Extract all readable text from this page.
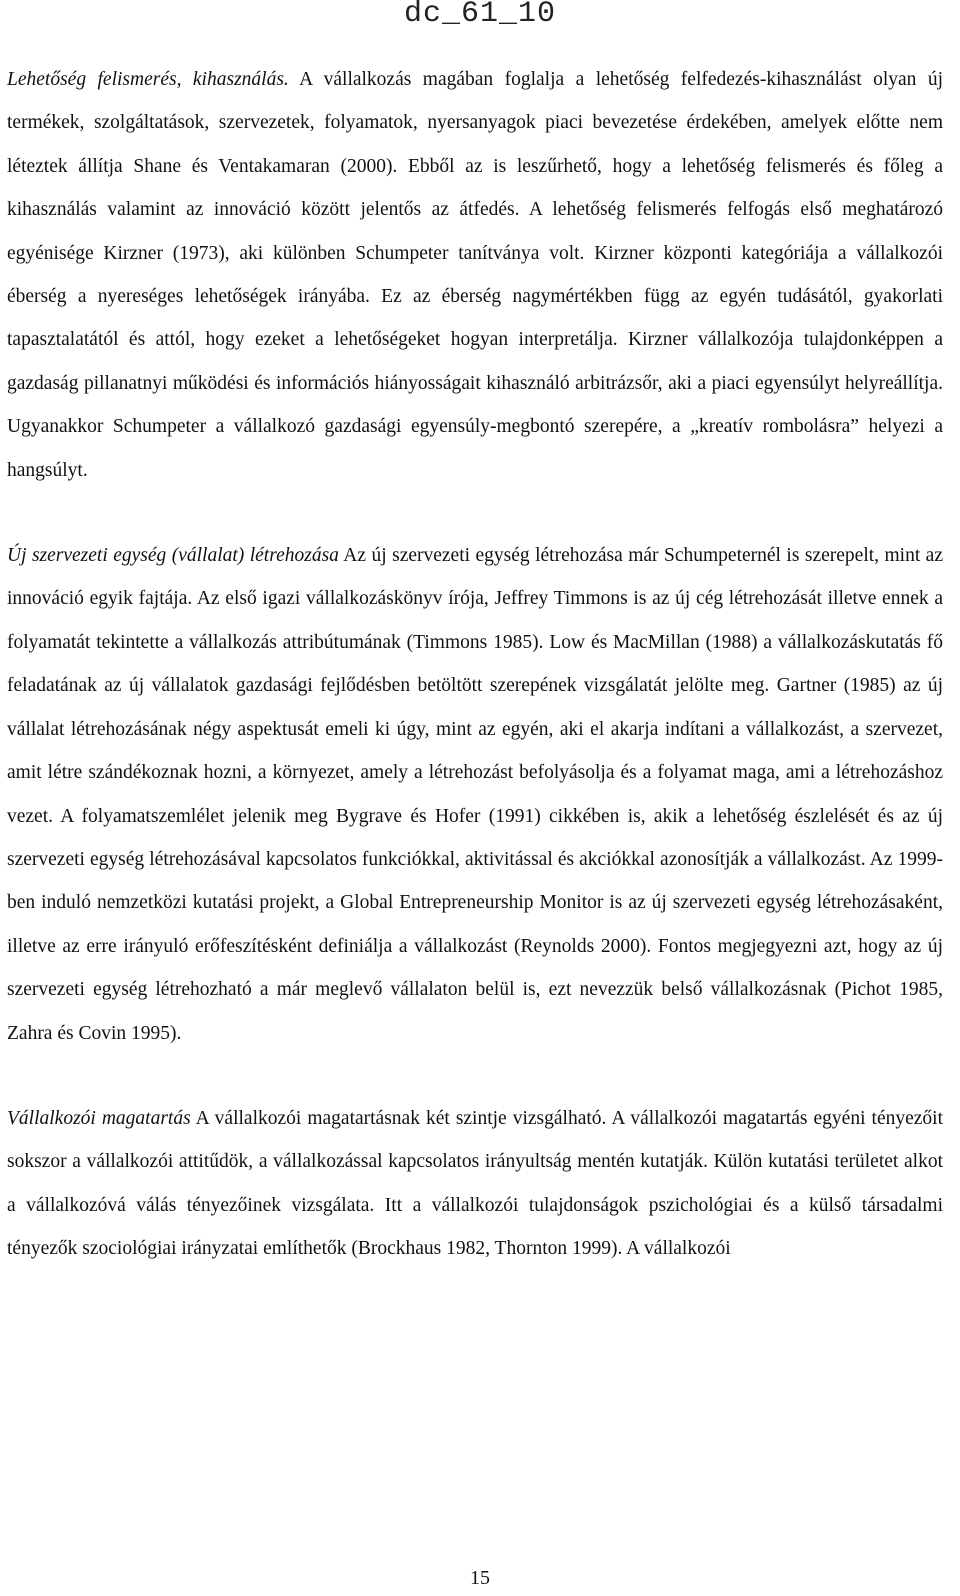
dc_61_10

Lehetőség felismerés, kihasználás. A vállalkozás magában foglalja a lehetőség felfedezés-kihasználást olyan új termékek, szolgáltatások, szervezetek, folyamatok, nyersanyagok piaci bevezetése érdekében, amelyek előtte nem léteztek állítja Shane és Ventakamaran (2000). Ebből az is leszűrhető, hogy a lehetőség felismerés és főleg a kihasználás valamint az innováció között jelentős az átfedés. A lehetőség felismerés felfogás első meghatározó egyénisége Kirzner (1973), aki különben Schumpeter tanítványa volt. Kirzner központi kategóriája a vállalkozói éberség a nyereséges lehetőségek irányába. Ez az éberség nagymértékben függ az egyén tudásától, gyakorlati tapasztalatától és attól, hogy ezeket a lehetőségeket hogyan interpretálja. Kirzner vállalkozója tulajdonképpen a gazdaság pillanatnyi működési és információs hiányosságait kihasználó arbitrázsőr, aki a piaci egyensúlyt helyreállítja. Ugyanakkor Schumpeter a vállalkozó gazdasági egyensúly-megbontó szerepére, a „kreatív rombolásra” helyezi a hangsúlyt.

Új szervezeti egység (vállalat) létrehozása Az új szervezeti egység létrehozása már Schumpeternél is szerepelt, mint az innováció egyik fajtája. Az első igazi vállalkozáskönyv írója, Jeffrey Timmons is az új cég létrehozását illetve ennek a folyamatát tekintette a vállalkozás attribútumának (Timmons 1985). Low és MacMillan (1988) a vállalkozáskutatás fő feladatának az új vállalatok gazdasági fejlődésben betöltött szerepének vizsgálatát jelölte meg. Gartner (1985) az új vállalat létrehozásának négy aspektusát emeli ki úgy, mint az egyén, aki el akarja indítani a vállalkozást, a szervezet, amit létre szándékoznak hozni, a környezet, amely a létrehozást befolyásolja és a folyamat maga, ami a létrehozáshoz vezet. A folyamatszemlélet jelenik meg Bygrave és Hofer (1991) cikkében is, akik a lehetőség észlelését és az új szervezeti egység létrehozásával kapcsolatos funkciókkal, aktivitással és akciókkal azonosítják a vállalkozást. Az 1999-ben induló nemzetközi kutatási projekt, a Global Entrepreneurship Monitor is az új szervezeti egység létrehozásaként, illetve az erre irányuló erőfeszítésként definiálja a vállalkozást (Reynolds 2000). Fontos megjegyezni azt, hogy az új szervezeti egység létrehozható a már meglevő vállalaton belül is, ezt nevezzük belső vállalkozásnak (Pichot 1985, Zahra és Covin 1995).

Vállalkozói magatartás A vállalkozói magatartásnak két szintje vizsgálható. A vállalkozói magatartás egyéni tényezőit sokszor a vállalkozói attitűdök, a vállalkozással kapcsolatos irányultság mentén kutatják. Külön kutatási területet alkot a vállalkozóvá válás tényezőinek vizsgálata. Itt a vállalkozói tulajdonságok pszichológiai és a külső társadalmi tényezők szociológiai irányzatai említhetők (Brockhaus 1982, Thornton 1999). A vállalkozói

15
